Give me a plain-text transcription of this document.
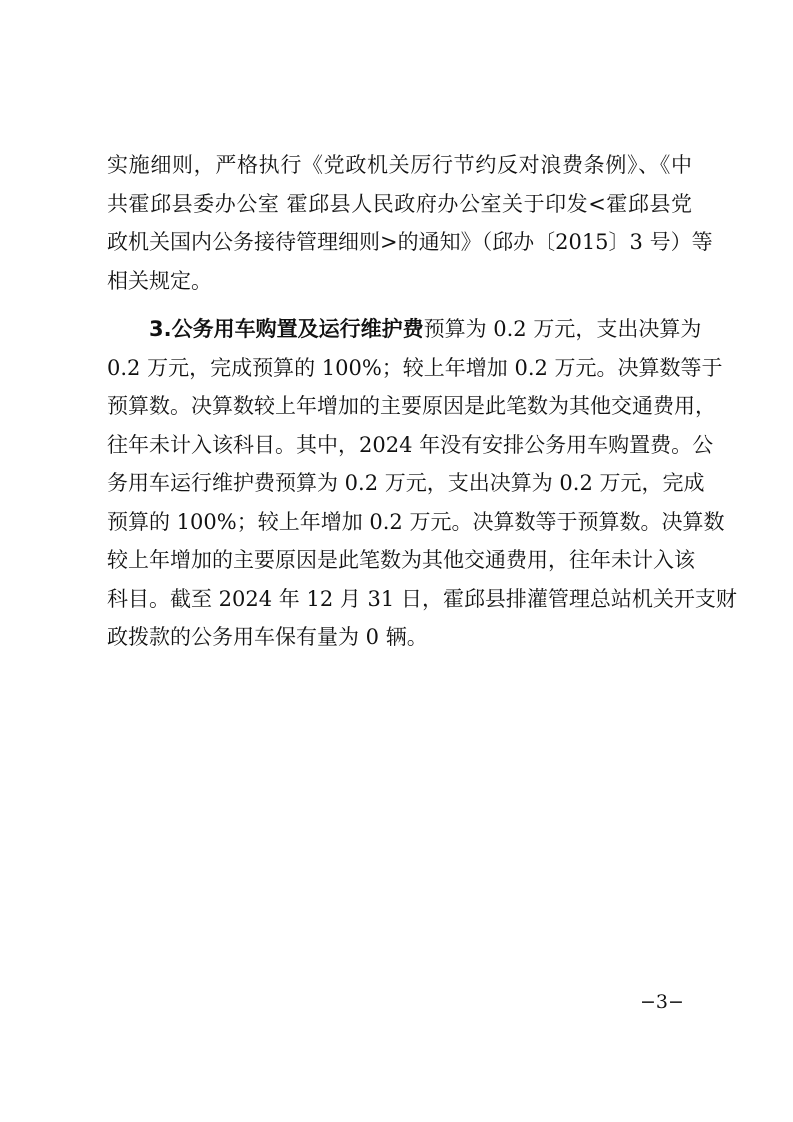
实施细则，严格执行《党政机关厉行节约反对浪费条例》、《中
共霍邱县委办公室 霍邱县人民政府办公室关于印发<霍邱县党
政机关国内公务接待管理细则>的通知》（邱办〔2015〕3 号）等
相关规定。
3.公务用车购置及运行维护费预算为 0.2 万元，支出决算为
0.2 万元，完成预算的 100%；较上年增加 0.2 万元。决算数等于
预算数。决算数较上年增加的主要原因是此笔数为其他交通费用，
往年未计入该科目。其中，2024 年没有安排公务用车购置费。公
务用车运行维护费预算为 0.2 万元，支出决算为 0.2 万元，完成
预算的 100%；较上年增加 0.2 万元。决算数等于预算数。决算数
较上年增加的主要原因是此笔数为其他交通费用，往年未计入该
科目。截至 2024 年 12 月 31 日，霍邱县排灌管理总站机关开支财
政拨款的公务用车保有量为 0 辆。
−3−
